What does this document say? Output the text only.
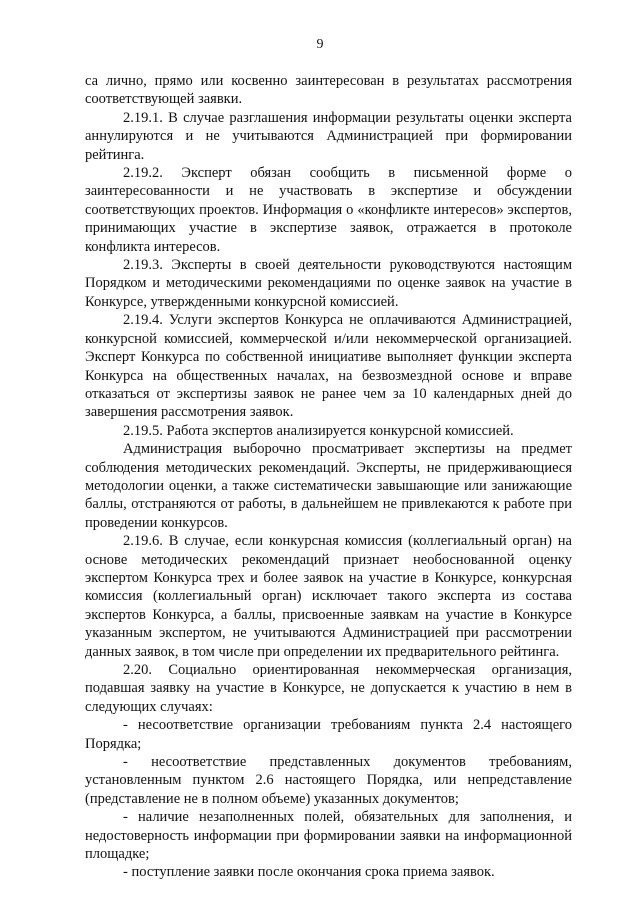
9

са лично, прямо или косвенно заинтересован в результатах рассмотрения соответствующей заявки.

2.19.1. В случае разглашения информации результаты оценки эксперта аннулируются и не учитываются Администрацией при формировании рейтинга.

2.19.2. Эксперт обязан сообщить в письменной форме о заинтересованности и не участвовать в экспертизе и обсуждении соответствующих проектов. Информация о «конфликте интересов» экспертов, принимающих участие в экспертизе заявок, отражается в протоколе конфликта интересов.

2.19.3. Эксперты в своей деятельности руководствуются настоящим Порядком и методическими рекомендациями по оценке заявок на участие в Конкурсе, утвержденными конкурсной комиссией.

2.19.4. Услуги экспертов Конкурса не оплачиваются Администрацией, конкурсной комиссией, коммерческой и/или некоммерческой организацией. Эксперт Конкурса по собственной инициативе выполняет функции эксперта Конкурса на общественных началах, на безвозмездной основе и вправе отказаться от экспертизы заявок не ранее чем за 10 календарных дней до завершения рассмотрения заявок.

2.19.5. Работа экспертов анализируется конкурсной комиссией.

Администрация выборочно просматривает экспертизы на предмет соблюдения методических рекомендаций. Эксперты, не придерживающиеся методологии оценки, а также систематически завышающие или занижающие баллы, отстраняются от работы, в дальнейшем не привлекаются к работе при проведении конкурсов.

2.19.6. В случае, если конкурсная комиссия (коллегиальный орган) на основе методических рекомендаций признает необоснованной оценку экспертом Конкурса трех и более заявок на участие в Конкурсе, конкурсная комиссия (коллегиальный орган) исключает такого эксперта из состава экспертов Конкурса, а баллы, присвоенные заявкам на участие в Конкурсе указанным экспертом, не учитываются Администрацией при рассмотрении данных заявок, в том числе при определении их предварительного рейтинга.

2.20. Социально ориентированная некоммерческая организация, подавшая заявку на участие в Конкурсе, не допускается к участию в нем в следующих случаях:

- несоответствие организации требованиям пункта 2.4 настоящего Порядка;

- несоответствие представленных документов требованиям, установленным пунктом 2.6 настоящего Порядка, или непредставление (представление не в полном объеме) указанных документов;

- наличие незаполненных полей, обязательных для заполнения, и недостоверность информации при формировании заявки на информационной площадке;

- поступление заявки после окончания срока приема заявок.
